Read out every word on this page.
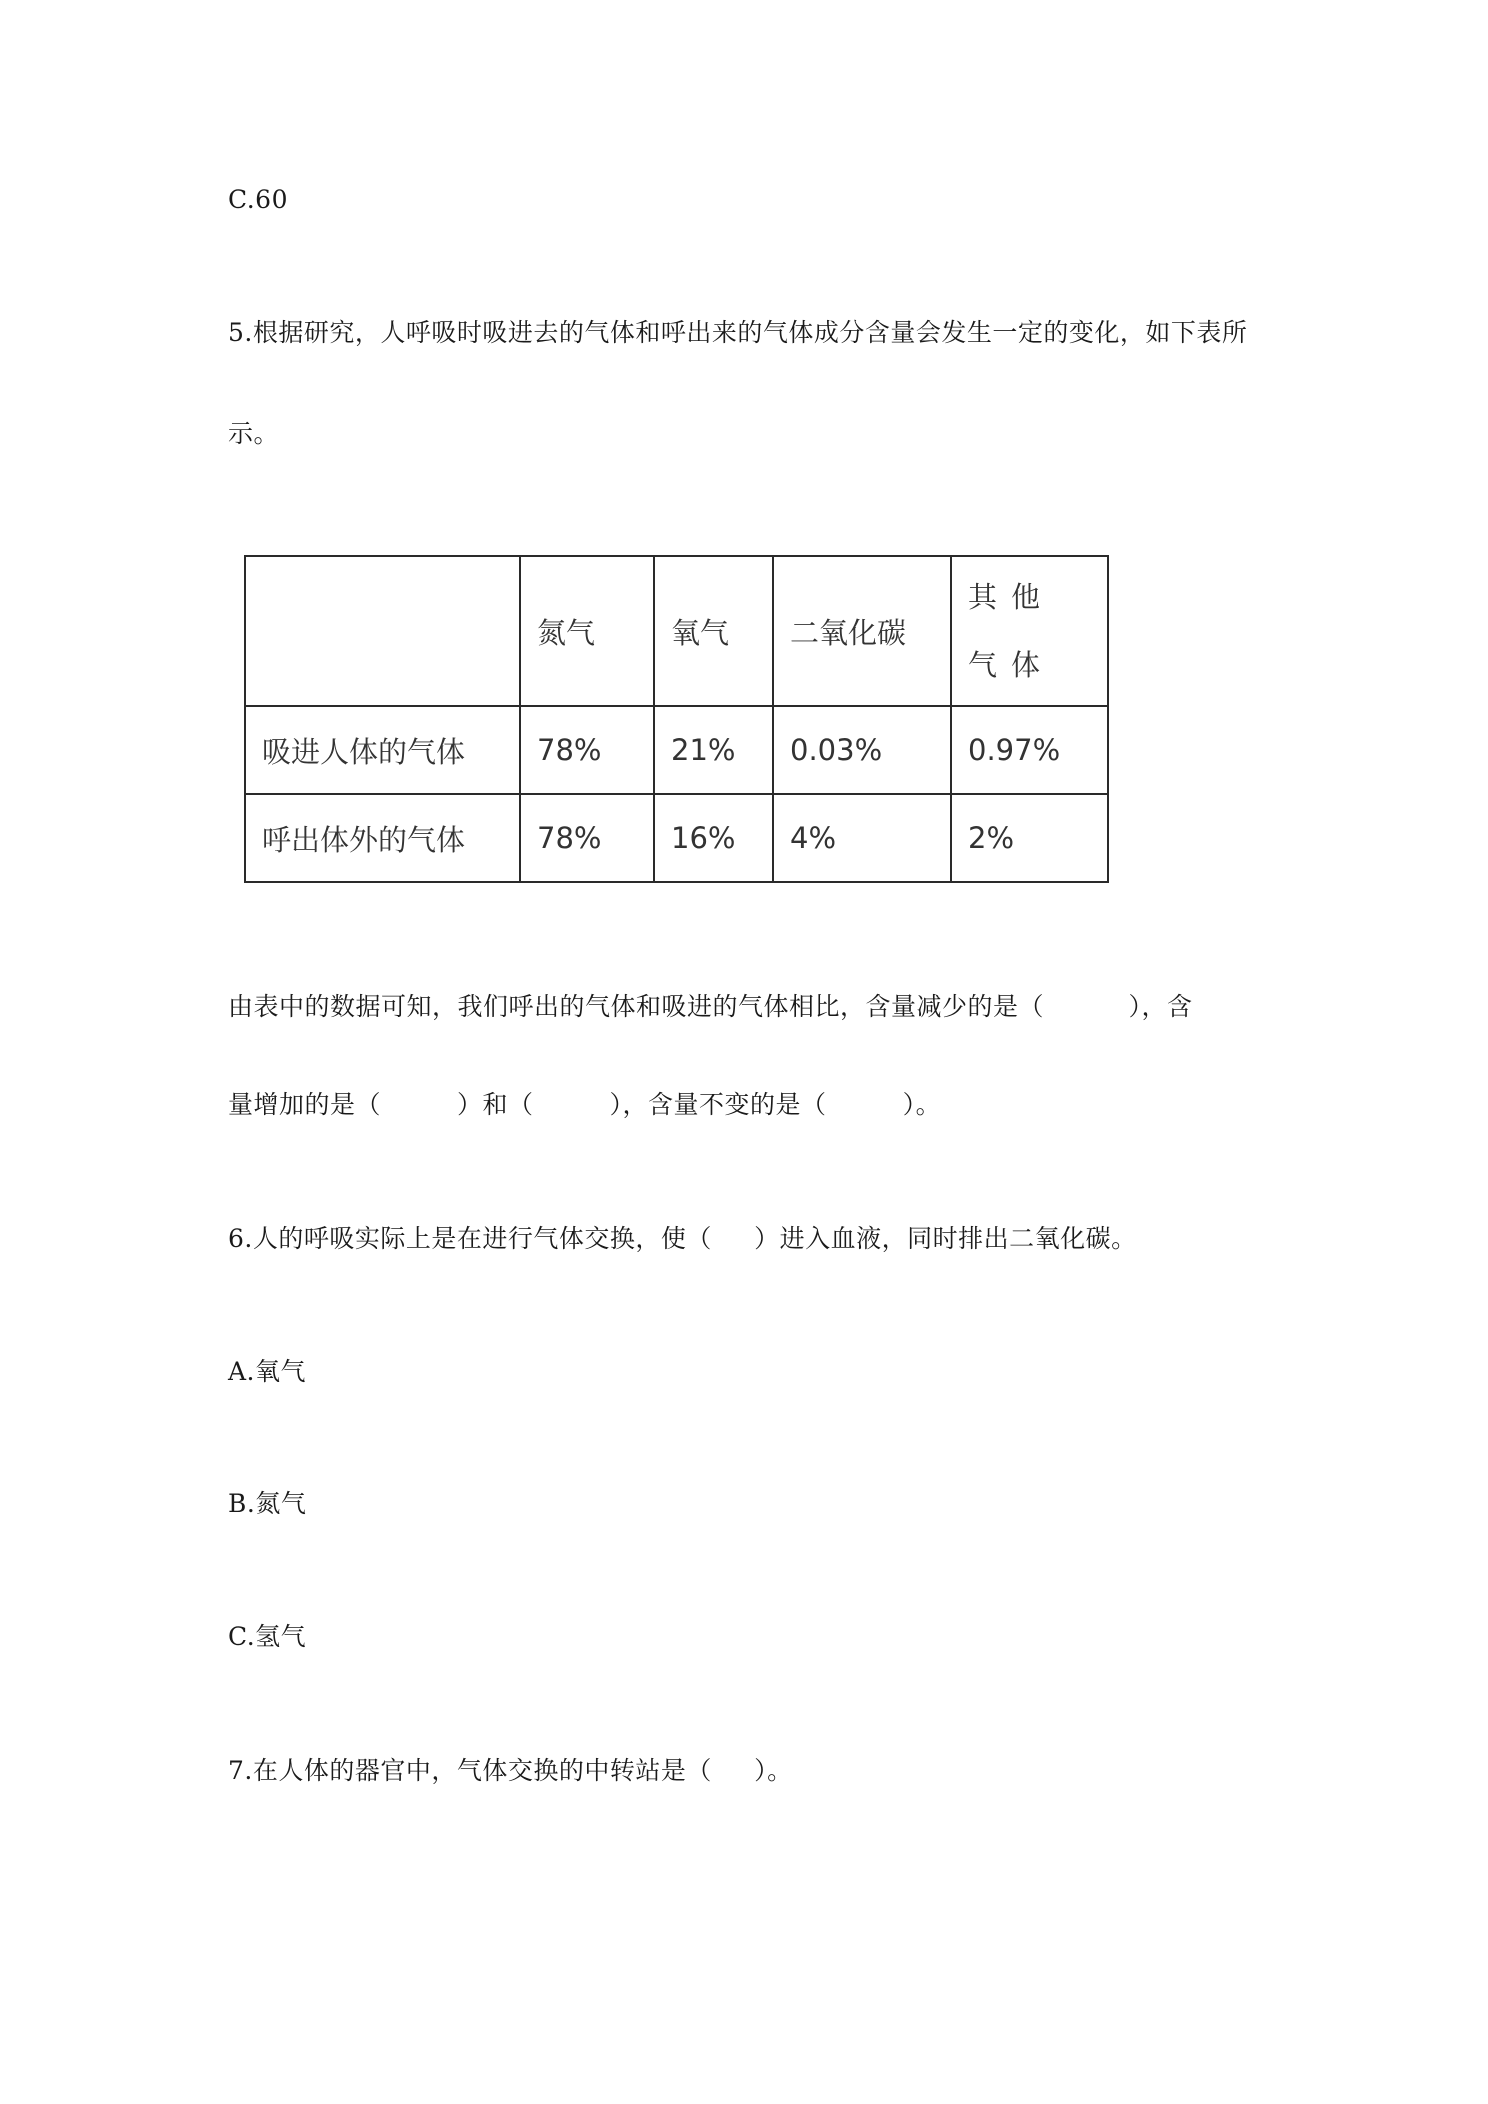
C.60
5.根据研究，人呼吸时吸进去的气体和呼出来的气体成分含量会发生一定的变化，如下表所
示。
	氮气	氧气	二氧化碳	其他气体
吸进人体的气体	78%	21%	0.03%	0.97%
呼出体外的气体	78%	16%	4%	2%
由表中的数据可知，我们呼出的气体和吸进的气体相比，含量减少的是（          ），含
量增加的是（         ）和（         ），含量不变的是（         ）。
6.人的呼吸实际上是在进行气体交换，使（     ）进入血液，同时排出二氧化碳。
A.氧气
B.氮气
C.氢气
7.在人体的器官中，气体交换的中转站是（     ）。
